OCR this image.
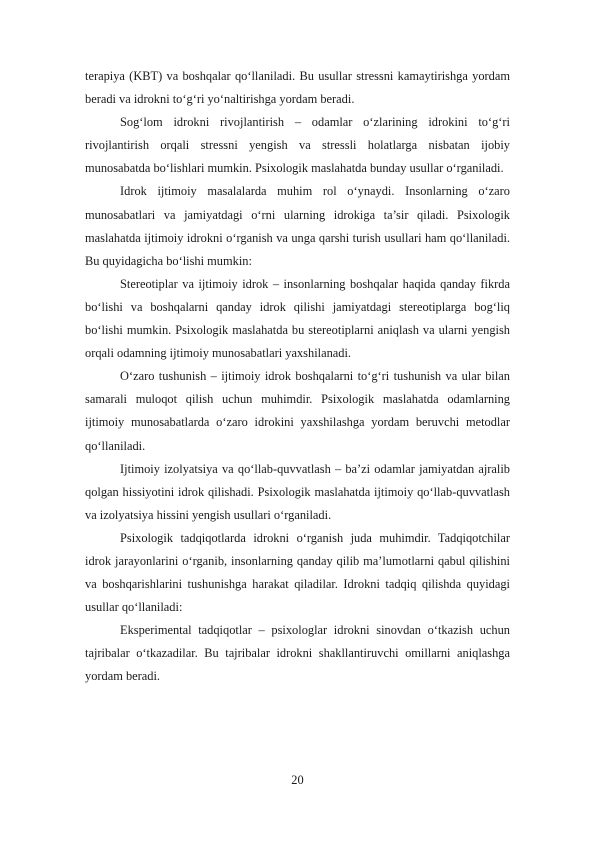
terapiya (KBT) va boshqalar qo‘llaniladi. Bu usullar stressni kamaytirishga yordam beradi va idrokni to‘g‘ri yo‘naltirishga yordam beradi.

Sog‘lom idrokni rivojlantirish – odamlar o‘zlarining idrokini to‘g‘ri rivojlantirish orqali stressni yengish va stressli holatlarga nisbatan ijobiy munosabatda bo‘lishlari mumkin. Psixologik maslahatda bunday usullar o‘rganiladi.

Idrok ijtimoiy masalalarda muhim rol o‘ynaydi. Insonlarning o‘zaro munosabatlari va jamiyatdagi o‘rni ularning idrokiga ta’sir qiladi. Psixologik maslahatda ijtimoiy idrokni o‘rganish va unga qarshi turish usullari ham qo‘llaniladi. Bu quyidagicha bo‘lishi mumkin:

Stereotiplar va ijtimoiy idrok – insonlarning boshqalar haqida qanday fikrda bo‘lishi va boshqalarni qanday idrok qilishi jamiyatdagi stereotiplarga bog‘liq bo‘lishi mumkin. Psixologik maslahatda bu stereotiplarni aniqlash va ularni yengish orqali odamning ijtimoiy munosabatlari yaxshilanadi.

O‘zaro tushunish – ijtimoiy idrok boshqalarni to‘g‘ri tushunish va ular bilan samarali muloqot qilish uchun muhimdir. Psixologik maslahatda odamlarning ijtimoiy munosabatlarda o‘zaro idrokini yaxshilashga yordam beruvchi metodlar qo‘llaniladi.

Ijtimoiy izolyatsiya va qo‘llab-quvvatlash – ba’zi odamlar jamiyatdan ajralib qolgan hissiyotini idrok qilishadi. Psixologik maslahatda ijtimoiy qo‘llab-quvvatlash va izolyatsiya hissini yengish usullari o‘rganiladi.

Psixologik tadqiqotlarda idrokni o‘rganish juda muhimdir. Tadqiqotchilar idrok jarayonlarini o‘rganib, insonlarning qanday qilib ma’lumotlarni qabul qilishini va boshqarishlarini tushunishga harakat qiladilar. Idrokni tadqiq qilishda quyidagi usullar qo‘llaniladi:

Eksperimental tadqiqotlar – psixologlar idrokni sinovdan o‘tkazish uchun tajribalar o‘tkazadilar. Bu tajribalar idrokni shakllantiruvchi omillarni aniqlashga yordam beradi.

20
